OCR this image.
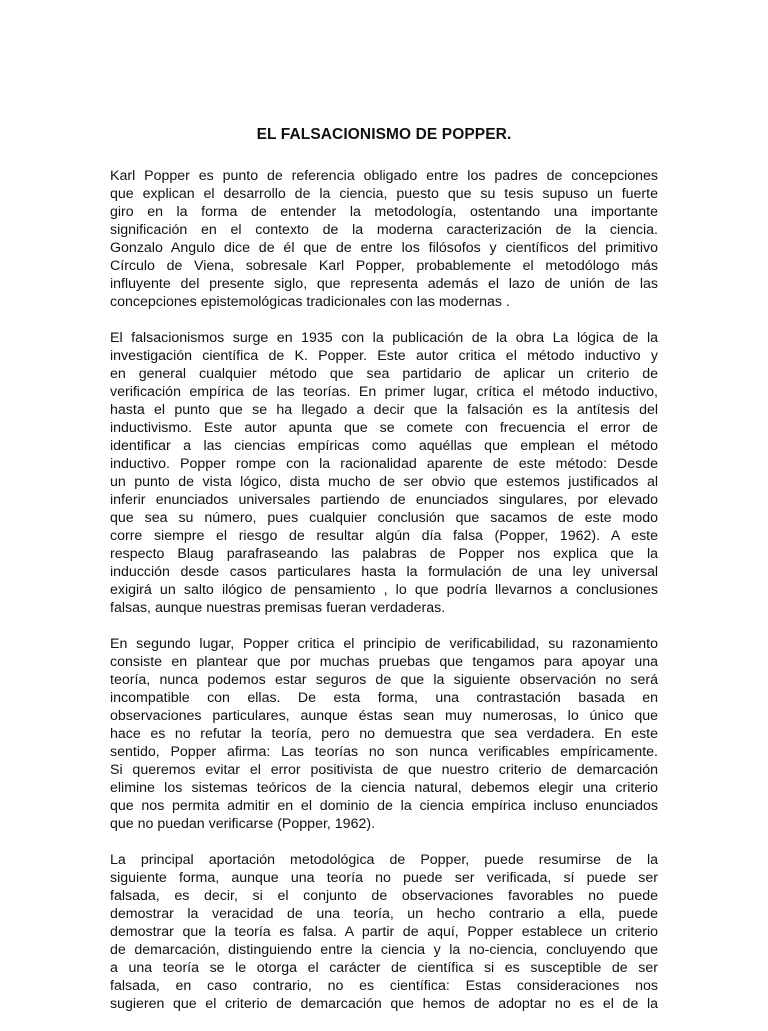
EL FALSACIONISMO DE POPPER.
Karl Popper es punto de referencia obligado entre los padres de concepciones
que explican el desarrollo de la ciencia, puesto que su tesis supuso un fuerte
giro en la forma de entender la metodología, ostentando una importante
significación en el contexto de la moderna caracterización de la ciencia.
Gonzalo Angulo dice de él que de entre los filósofos y científicos del primitivo
Círculo de Viena, sobresale Karl Popper, probablemente el metodólogo más
influyente del presente siglo, que representa además el lazo de unión de las
concepciones epistemológicas tradicionales con las modernas .
El falsacionismos surge en 1935 con la publicación de la obra La lógica de la
investigación científica de K. Popper. Este autor critica el método inductivo y
en general cualquier método que sea partidario de aplicar un criterio de
verificación empírica de las teorías. En primer lugar, crítica el método inductivo,
hasta el punto que se ha llegado a decir que la falsación es la antítesis del
inductivismo. Este autor apunta que se comete con frecuencia el error de
identificar a las ciencias empíricas como aquéllas que emplean el método
inductivo. Popper rompe con la racionalidad aparente de este método: Desde
un punto de vista lógico, dista mucho de ser obvio que estemos justificados al
inferir enunciados universales partiendo de enunciados singulares, por elevado
que sea su número, pues cualquier conclusión que sacamos de este modo
corre siempre el riesgo de resultar algún día falsa (Popper, 1962). A este
respecto Blaug parafraseando las palabras de Popper nos explica que la
inducción desde casos particulares hasta la formulación de una ley universal
exigirá un salto ilógico de pensamiento , lo que podría llevarnos a conclusiones
falsas, aunque nuestras premisas fueran verdaderas.
En segundo lugar, Popper critica el principio de verificabilidad, su razonamiento
consiste en plantear que por muchas pruebas que tengamos para apoyar una
teoría, nunca podemos estar seguros de que la siguiente observación no será
incompatible con ellas. De esta forma, una contrastación basada en
observaciones particulares, aunque éstas sean muy numerosas, lo único que
hace es no refutar la teoría, pero no demuestra que sea verdadera. En este
sentido, Popper afirma: Las teorías no son nunca verificables empíricamente.
Si queremos evitar el error positivista de que nuestro criterio de demarcación
elimine los sistemas teóricos de la ciencia natural, debemos elegir una criterio
que nos permita admitir en el dominio de la ciencia empírica incluso enunciados
que no puedan verificarse (Popper, 1962).
La principal aportación metodológica de Popper, puede resumirse de la
siguiente forma, aunque una teoría no puede ser verificada, sí puede ser
falsada, es decir, si el conjunto de observaciones favorables no puede
demostrar la veracidad de una teoría, un hecho contrario a ella, puede
demostrar que la teoría es falsa. A partir de aquí, Popper establece un criterio
de demarcación, distinguiendo entre la ciencia y la no-ciencia, concluyendo que
a una teoría se le otorga el carácter de científica si es susceptible de ser
falsada, en caso contrario, no es científica: Estas consideraciones nos
sugieren que el criterio de demarcación que hemos de adoptar no es el de la
